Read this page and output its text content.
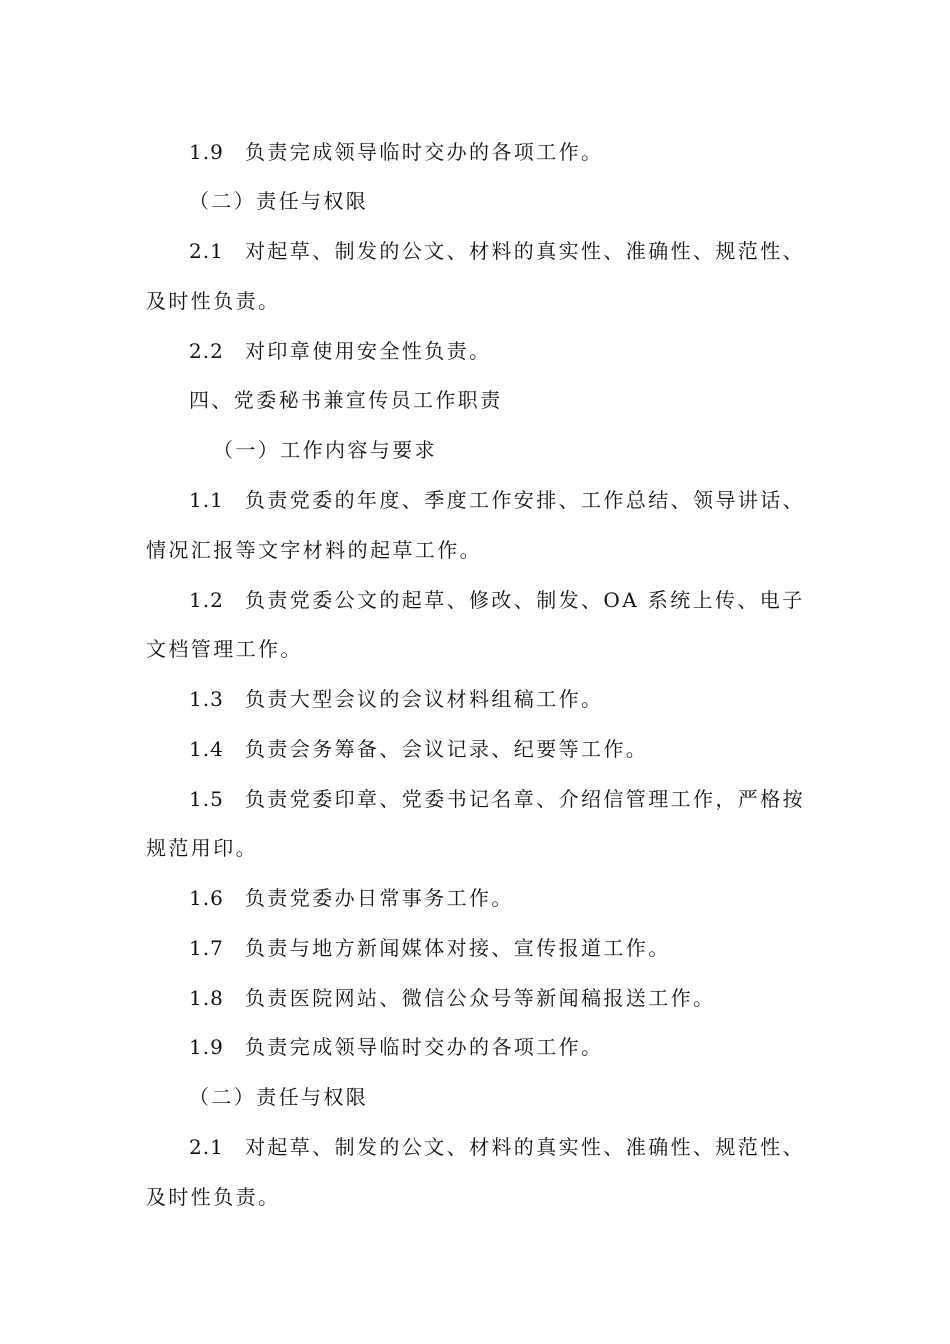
1.9 负责完成领导临时交办的各项工作。
（二）责任与权限
2.1 对起草、制发的公文、材料的真实性、准确性、规范性、
及时性负责。
2.2 对印章使用安全性负责。
四、党委秘书兼宣传员工作职责
（一）工作内容与要求
1.1 负责党委的年度、季度工作安排、工作总结、领导讲话、
情况汇报等文字材料的起草工作。
1.2 负责党委公文的起草、修改、制发、OA 系统上传、电子
文档管理工作。
1.3 负责大型会议的会议材料组稿工作。
1.4 负责会务筹备、会议记录、纪要等工作。
1.5 负责党委印章、党委书记名章、介绍信管理工作，严格按
规范用印。
1.6 负责党委办日常事务工作。
1.7 负责与地方新闻媒体对接、宣传报道工作。
1.8 负责医院网站、微信公众号等新闻稿报送工作。
1.9 负责完成领导临时交办的各项工作。
（二）责任与权限
2.1 对起草、制发的公文、材料的真实性、准确性、规范性、
及时性负责。
